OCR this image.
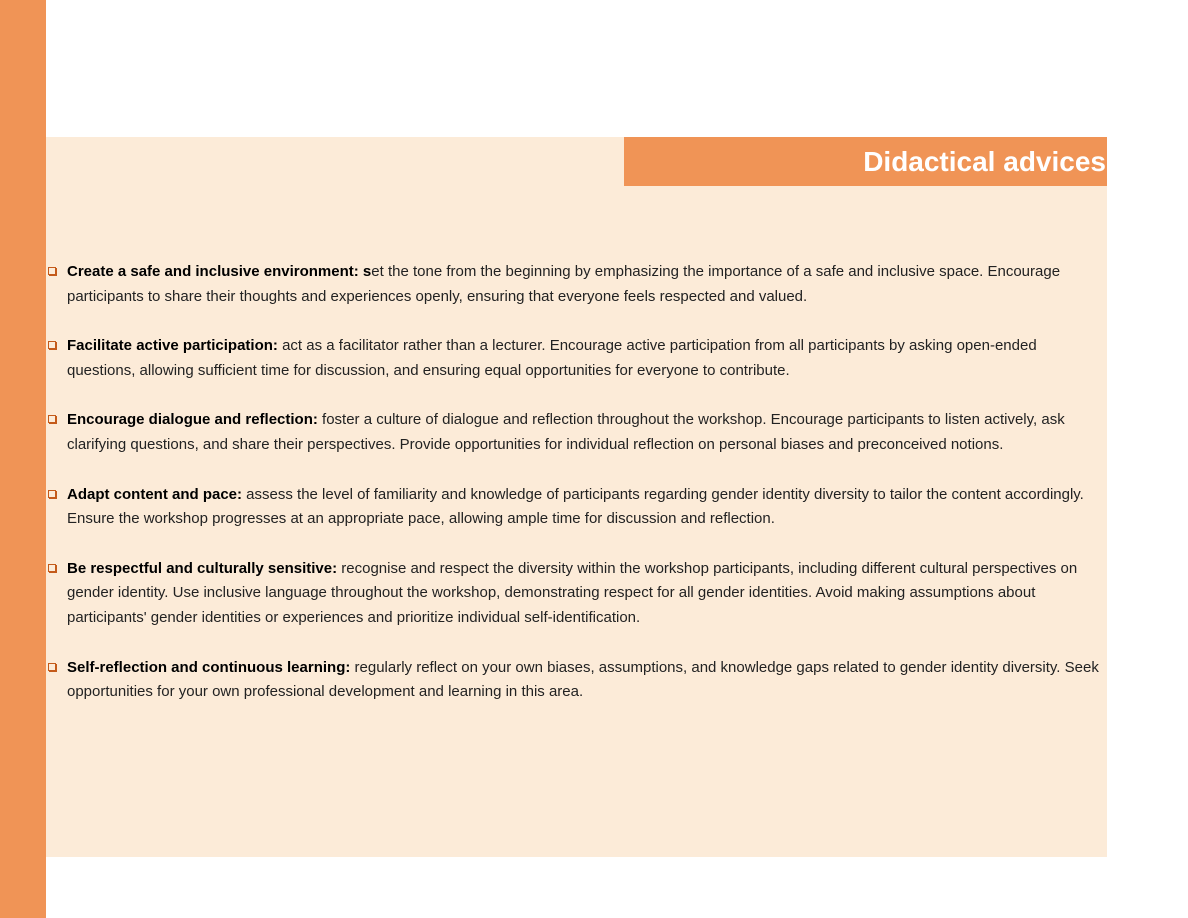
Didactical advices
Create a safe and inclusive environment: set the tone from the beginning by emphasizing the importance of a safe and inclusive space. Encourage participants to share their thoughts and experiences openly, ensuring that everyone feels respected and valued.
Facilitate active participation: act as a facilitator rather than a lecturer. Encourage active participation from all participants by asking open-ended questions, allowing sufficient time for discussion, and ensuring equal opportunities for everyone to contribute.
Encourage dialogue and reflection: foster a culture of dialogue and reflection throughout the workshop. Encourage participants to listen actively, ask clarifying questions, and share their perspectives. Provide opportunities for individual reflection on personal biases and preconceived notions.
Adapt content and pace: assess the level of familiarity and knowledge of participants regarding gender identity diversity to tailor the content accordingly. Ensure the workshop progresses at an appropriate pace, allowing ample time for discussion and reflection.
Be respectful and culturally sensitive: recognise and respect the diversity within the workshop participants, including different cultural perspectives on gender identity. Use inclusive language throughout the workshop, demonstrating respect for all gender identities. Avoid making assumptions about participants' gender identities or experiences and prioritize individual self-identification.
Self-reflection and continuous learning: regularly reflect on your own biases, assumptions, and knowledge gaps related to gender identity diversity. Seek opportunities for your own professional development and learning in this area.
